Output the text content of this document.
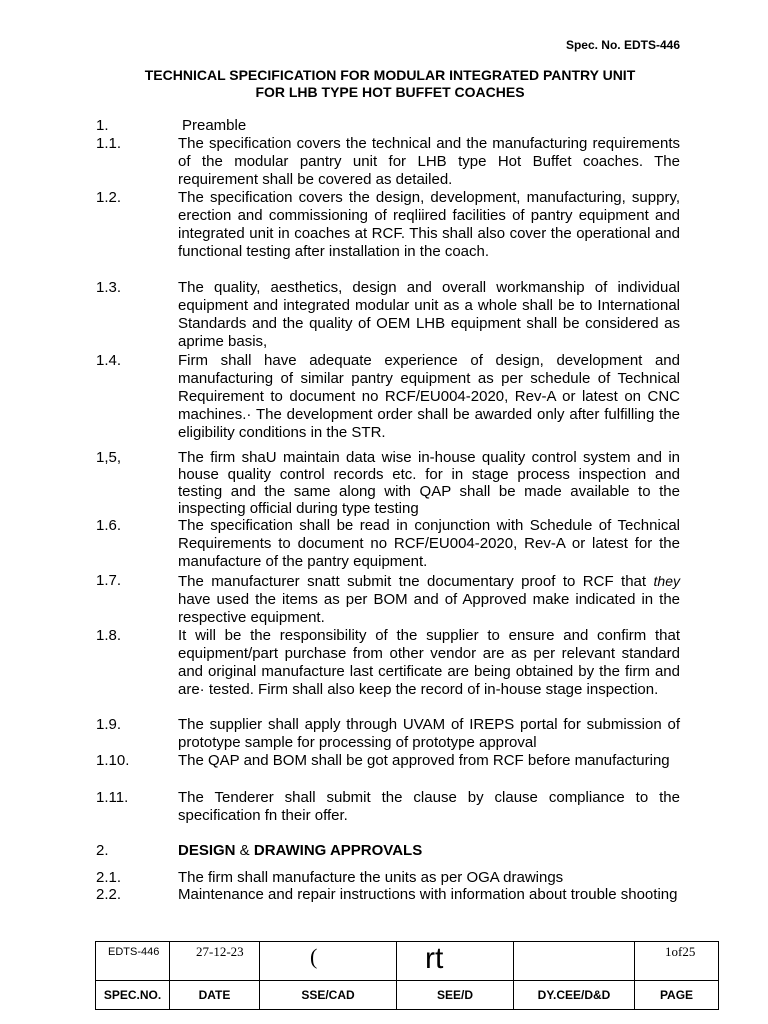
Spec. No. EDTS-446
TECHNICAL SPECIFICATION FOR MODULAR INTEGRATED PANTRY UNIT
FOR LHB TYPE HOT BUFFET COACHES
1.	Preamble
1.1.	The specification covers the technical and the manufacturing requirements of the modular pantry unit for LHB type Hot Buffet coaches. The requirement shall be covered as detailed.
1.2.	The specification covers the design, development, manufacturing, suppry, erection and commissioning of reqliired facilities of pantry equipment and integrated unit in coaches at RCF. This shall also cover the operational and functional testing after installation in the coach.
1.3.	The quality, aesthetics, design and overall workmanship of individual equipment and integrated modular unit as a whole shall be to International Standards and the quality of OEM LHB equipment shall be considered as aprime basis,
1.4.	Firm shall have adequate experience of design, development and manufacturing of similar pantry equipment as per schedule of Technical Requirement to document no RCF/EU004-2020, Rev-A or latest on CNC machines.· The development order shall be awarded only after fulfilling the eligibility conditions in the STR.
1,5,	The firm shaU maintain data wise in-house quality control system and in house quality control records etc. for in stage process inspection and testing and the same along with QAP shall be made available to the inspecting official during type testing
1.6.	The specification shall be read in conjunction with Schedule of Technical Requirements to document no RCF/EU004-2020, Rev-A or latest for the manufacture of the pantry equipment.
1.7.	The manufacturer snatt submit tne documentary proof to RCF that they have used the items as per BOM and of Approved make indicated in the respective equipment.
1.8.	It will be the responsibility of the supplier to ensure and confirm that equipment/part purchase from other vendor are as per relevant standard and original manufacture last certificate are being obtained by the firm and are· tested. Firm shall also keep the record of in-house stage inspection.
1.9.	The supplier shall apply through UVAM of IREPS portal for submission of prototype sample for processing of prototype approval
1.10.	The QAP and BOM shall be got approved from RCF before manufacturing
1.11.	The Tenderer shall submit the clause by clause compliance to the specification fn their offer.
2.	DESIGN & DRAWING APPROVALS
2.1.	The firm shall manufacture the units as per OGA drawings
2.2.	Maintenance and repair instructions with information about trouble shooting
EDTS-446	27-12-23	(	rt		1of25
SPEC.NO.	DATE	SSE/CAD	SEE/D	DY.CEE/D&D	PAGE
